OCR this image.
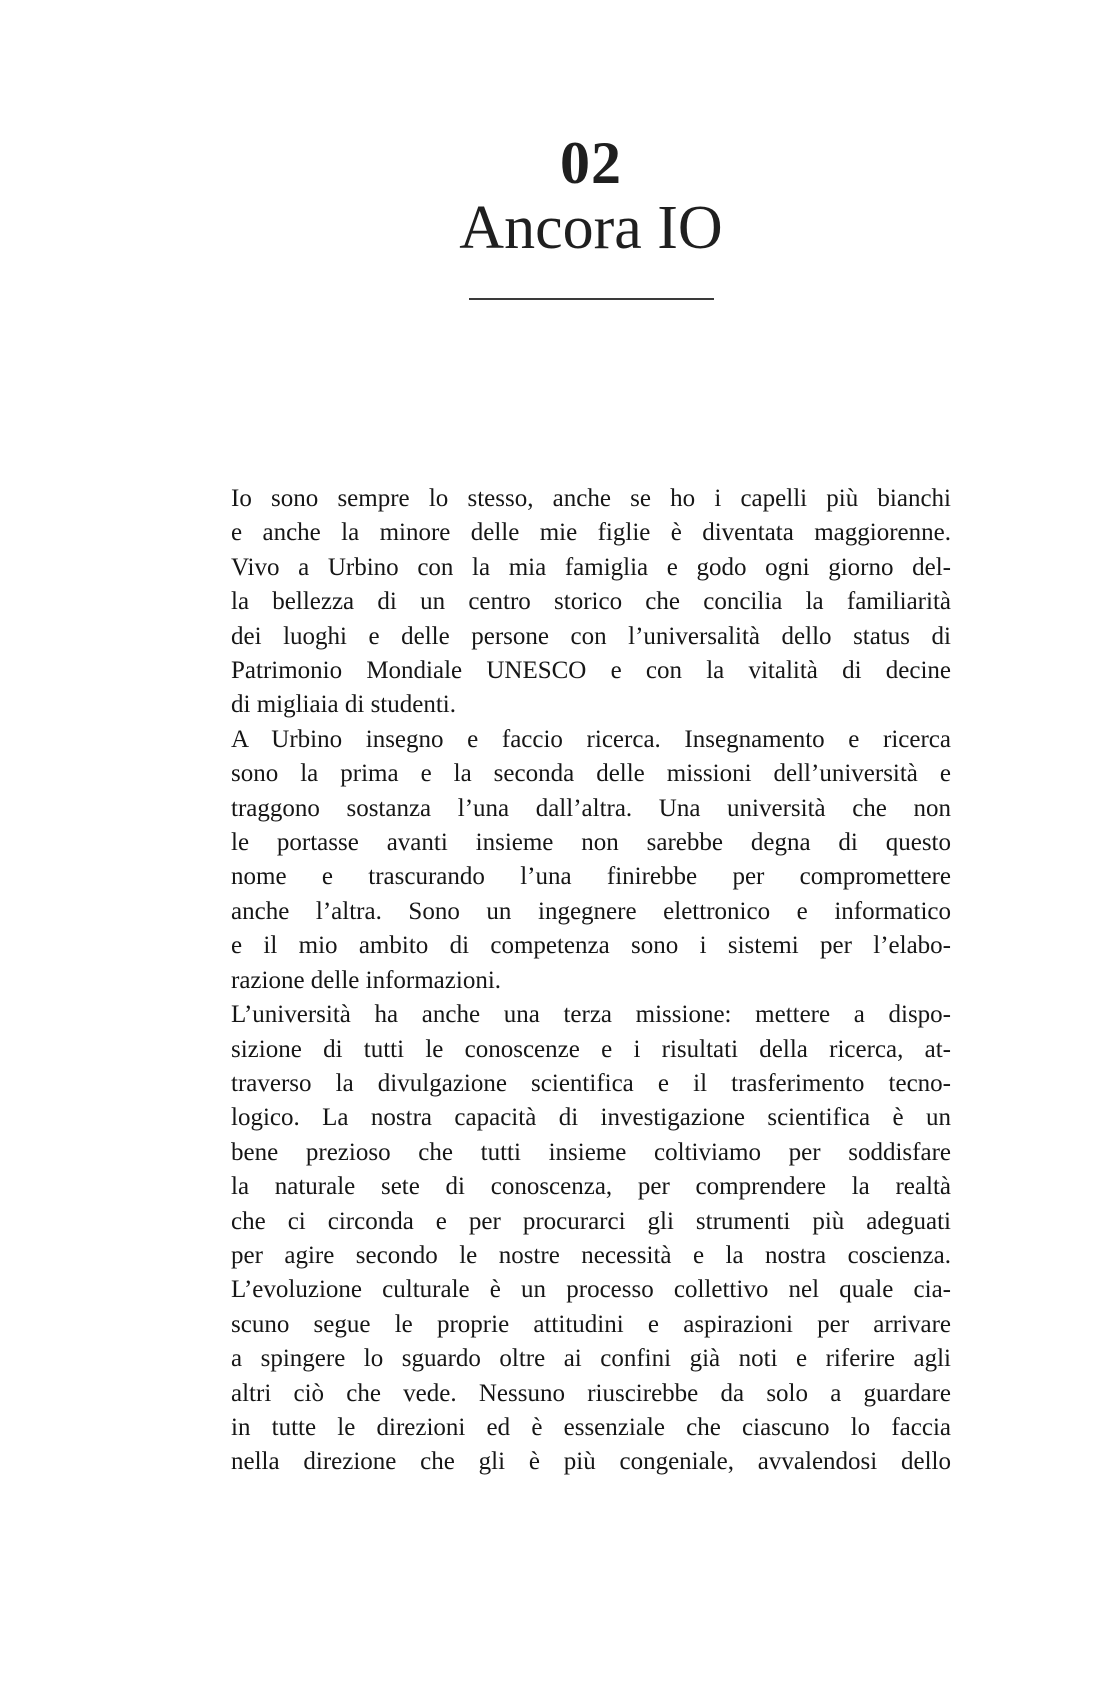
02
Ancora IO
Io sono sempre lo stesso, anche se ho i capelli più bianchi
e anche la minore delle mie figlie è diventata maggiorenne.
Vivo a Urbino con la mia famiglia e godo ogni giorno del-
la bellezza di un centro storico che concilia la familiarità
dei luoghi e delle persone con l’universalità dello status di
Patrimonio Mondiale UNESCO e con la vitalità di decine
di migliaia di studenti.
A Urbino insegno e faccio ricerca. Insegnamento e ricerca
sono la prima e la seconda delle missioni dell’università e
traggono sostanza l’una dall’altra. Una università che non
le portasse avanti insieme non sarebbe degna di questo
nome e trascurando l’una finirebbe per compromettere
anche l’altra. Sono un ingegnere elettronico e informatico
e il mio ambito di competenza sono i sistemi per l’elabo-
razione delle informazioni.
L’università ha anche una terza missione: mettere a dispo-
sizione di tutti le conoscenze e i risultati della ricerca, at-
traverso la divulgazione scientifica e il trasferimento tecno-
logico. La nostra capacità di investigazione scientifica è un
bene prezioso che tutti insieme coltiviamo per soddisfare
la naturale sete di conoscenza, per comprendere la realtà
che ci circonda e per procurarci gli strumenti più adeguati
per agire secondo le nostre necessità e la nostra coscienza.
L’evoluzione culturale è un processo collettivo nel quale cia-
scuno segue le proprie attitudini e aspirazioni per arrivare
a spingere lo sguardo oltre ai confini già noti e riferire agli
altri ciò che vede. Nessuno riuscirebbe da solo a guardare
in tutte le direzioni ed è essenziale che ciascuno lo faccia
nella direzione che gli è più congeniale, avvalendosi dello
